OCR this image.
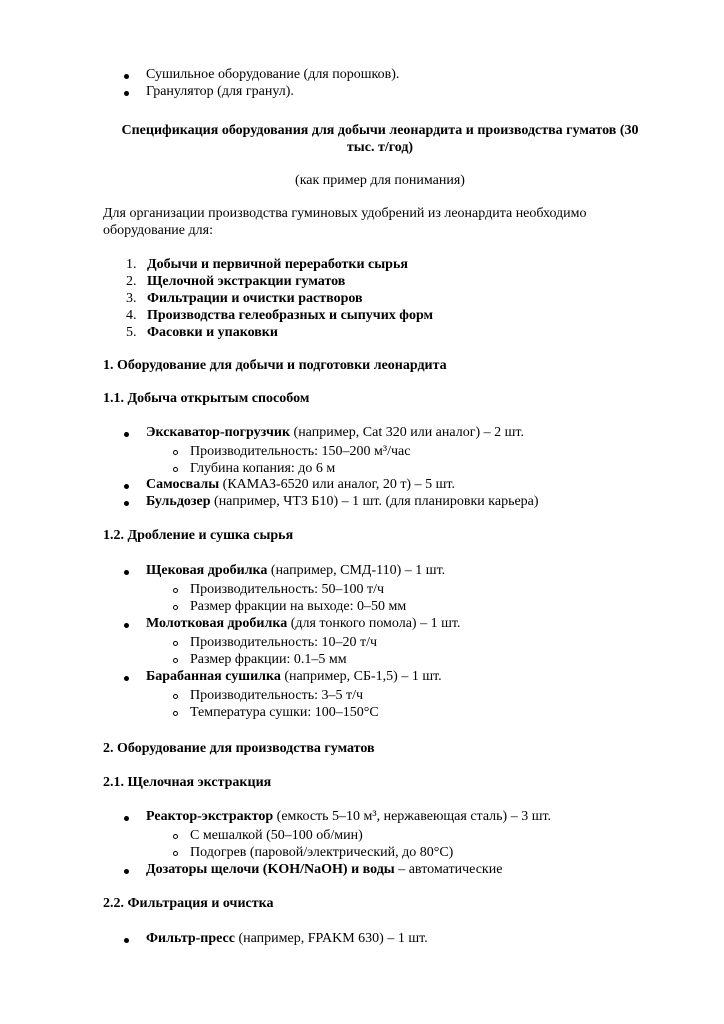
Сушильное оборудование (для порошков).
Гранулятор (для гранул).
Спецификация оборудования для добычи леонардита и производства гуматов (30
тыс. т/год)
(как пример для понимания)
Для организации производства гуминовых удобрений из леонардита необходимо
оборудование для:
1. Добычи и первичной переработки сырья
2. Щелочной экстракции гуматов
3. Фильтрации и очистки растворов
4. Производства гелеобразных и сыпучих форм
5. Фасовки и упаковки
1. Оборудование для добычи и подготовки леонардита
1.1. Добыча открытым способом
Экскаватор-погрузчик (например, Cat 320 или аналог) – 2 шт.
Производительность: 150–200 м³/час
Глубина копания: до 6 м
Самосвалы (КАМАЗ-6520 или аналог, 20 т) – 5 шт.
Бульдозер (например, ЧТЗ Б10) – 1 шт. (для планировки карьера)
1.2. Дробление и сушка сырья
Щековая дробилка (например, СМД-110) – 1 шт.
Производительность: 50–100 т/ч
Размер фракции на выходе: 0–50 мм
Молотковая дробилка (для тонкого помола) – 1 шт.
Производительность: 10–20 т/ч
Размер фракции: 0.1–5 мм
Барабанная сушилка (например, СБ-1,5) – 1 шт.
Производительность: 3–5 т/ч
Температура сушки: 100–150°C
2. Оборудование для производства гуматов
2.1. Щелочная экстракция
Реактор-экстрактор (емкость 5–10 м³, нержавеющая сталь) – 3 шт.
С мешалкой (50–100 об/мин)
Подогрев (паровой/электрический, до 80°C)
Дозаторы щелочи (KOH/NaOH) и воды – автоматические
2.2. Фильтрация и очистка
Фильтр-пресс (например, FPAKM 630) – 1 шт.
